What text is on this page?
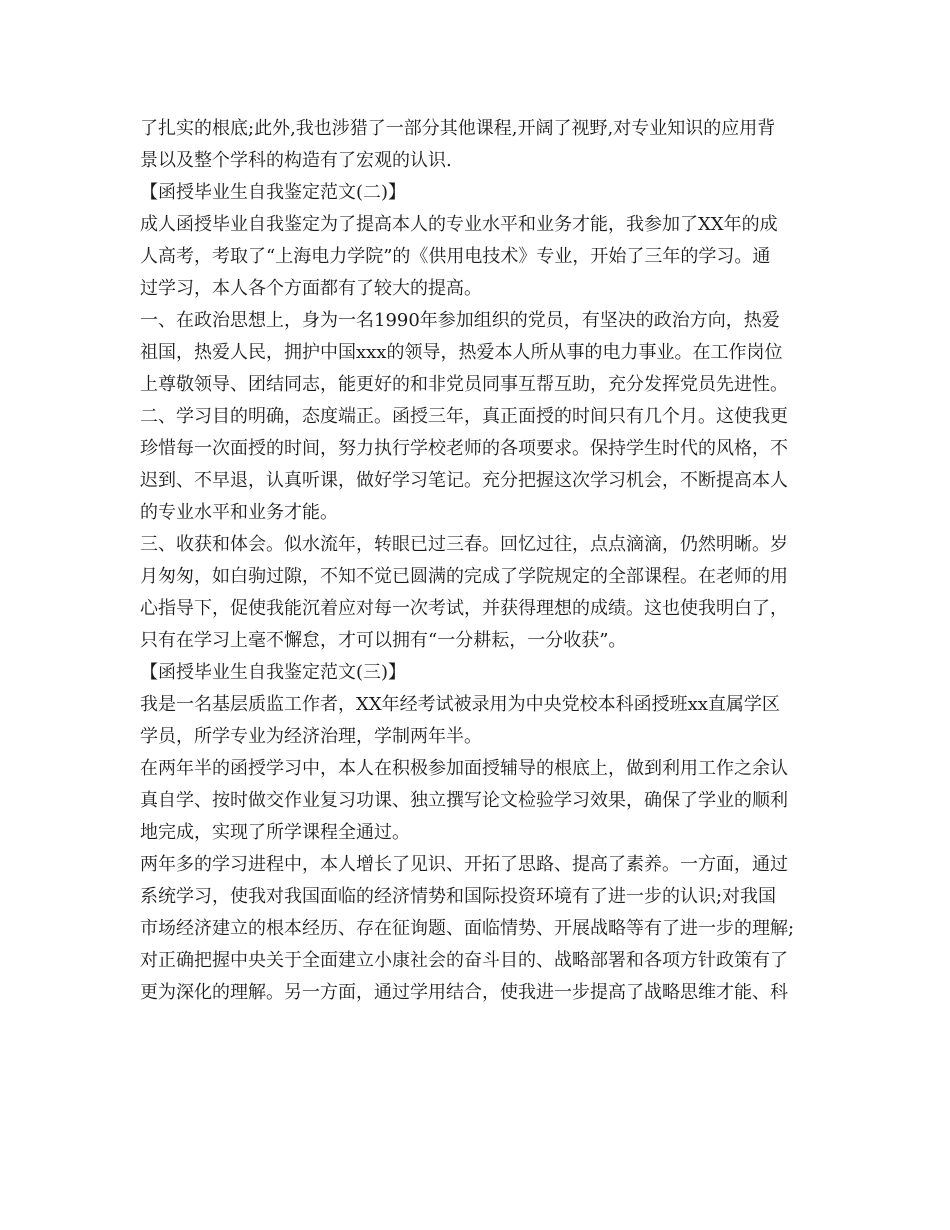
了扎实的根底;此外,我也涉猎了一部分其他课程,开阔了视野,对专业知识的应用背

景以及整个学科的构造有了宏观的认识.

【函授毕业生自我鉴定范文(二)】

成人函授毕业自我鉴定为了提高本人的专业水平和业务才能，我参加了XX年的成

人高考，考取了“上海电力学院”的《供用电技术》专业，开始了三年的学习。通

过学习，本人各个方面都有了较大的提高。

一、在政治思想上，身为一名1990年参加组织的党员，有坚决的政治方向，热爱

祖国，热爱人民，拥护中国xxx的领导，热爱本人所从事的电力事业。在工作岗位

上尊敬领导、团结同志，能更好的和非党员同事互帮互助，充分发挥党员先进性。

二、学习目的明确，态度端正。函授三年，真正面授的时间只有几个月。这使我更

珍惜每一次面授的时间，努力执行学校老师的各项要求。保持学生时代的风格，不

迟到、不早退，认真听课，做好学习笔记。充分把握这次学习机会，不断提高本人

的专业水平和业务才能。

三、收获和体会。似水流年，转眼已过三春。回忆过往，点点滴滴，仍然明晰。岁

月匆匆，如白驹过隙，不知不觉已圆满的完成了学院规定的全部课程。在老师的用

心指导下，促使我能沉着应对每一次考试，并获得理想的成绩。这也使我明白了，

只有在学习上毫不懈怠，才可以拥有“一分耕耘，一分收获”。

【函授毕业生自我鉴定范文(三)】

我是一名基层质监工作者，XX年经考试被录用为中央党校本科函授班xx直属学区

学员，所学专业为经济治理，学制两年半。

在两年半的函授学习中，本人在积极参加面授辅导的根底上，做到利用工作之余认

真自学、按时做交作业复习功课、独立撰写论文检验学习效果，确保了学业的顺利

地完成，实现了所学课程全通过。

两年多的学习进程中，本人增长了见识、开拓了思路、提高了素养。一方面，通过

系统学习，使我对我国面临的经济情势和国际投资环境有了进一步的认识;对我国

市场经济建立的根本经历、存在征询题、面临情势、开展战略等有了进一步的理解;

对正确把握中央关于全面建立小康社会的奋斗目的、战略部署和各项方针政策有了

更为深化的理解。另一方面，通过学用结合，使我进一步提高了战略思维才能、科
